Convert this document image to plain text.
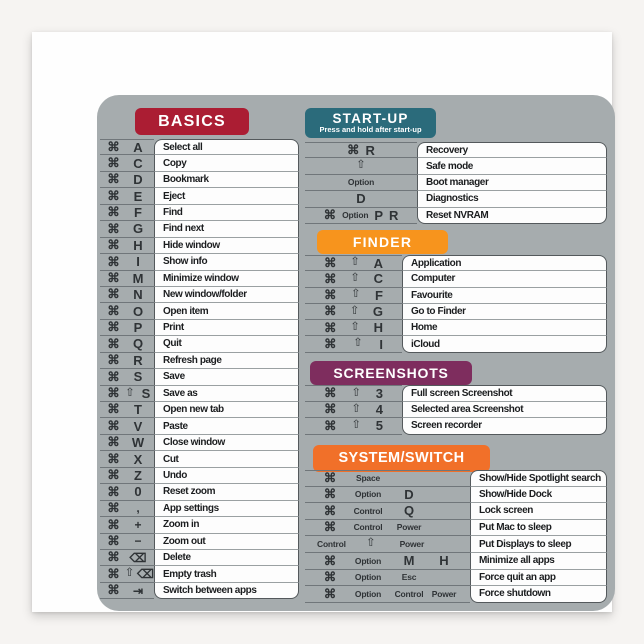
BASICS
⌘	A	Select all
⌘	C	Copy
⌘	D	Bookmark
⌘	E	Eject
⌘	F	Find
⌘	G	Find next
⌘	H	Hide window
⌘	I	Show info
⌘ M	Minimize window
⌘	N	New window/folder
⌘	O	Open item
⌘	P	Print
⌘	Q	Quit
⌘	R	Refresh page
⌘	S	Save
⌘ ⇧ S	Save as
⌘	T	Open new tab
⌘	V	Paste
⌘ W	Close window
⌘	X	Cut
⌘	Z	Undo
⌘	0	Reset zoom
⌘	,	App settings
⌘	+	Zoom in
⌘	−	Zoom out
⌘ ⌫	Delete
⌘ ⇧ ⌫ Empty trash
⌘	⇥	Switch between apps
START-UP
Press and hold after start-up
⌘ R	Recovery
⇧	Safe mode
Option	Boot manager
D	Diagnostics
⌘ Option P R	Reset NVRAM
FINDER
⌘ ⇧ A	Application
⌘ ⇧ C	Computer
⌘ ⇧ F	Favourite
⌘ ⇧ G	Go to Finder
⌘ ⇧ H	Home
⌘ ⇧ I	iCloud
SCREENSHOTS
⌘ ⇧ 3	Full screen Screenshot
⌘ ⇧ 4	Selected area Screenshot
⌘ ⇧ 5	Screen recorder
SYSTEM/SWITCH
⌘	Space	Show/Hide Spotlight search
⌘	Option	D	Show/Hide Dock
⌘	Control	Q	Lock screen
⌘	Control	Power	Put Mac to sleep
Control	⇧	Power	Put Displays to sleep
⌘	Option	M	H	Minimize all apps
⌘	Option	Esc	Force quit an app
⌘	Option	Control Power	Force shutdown
